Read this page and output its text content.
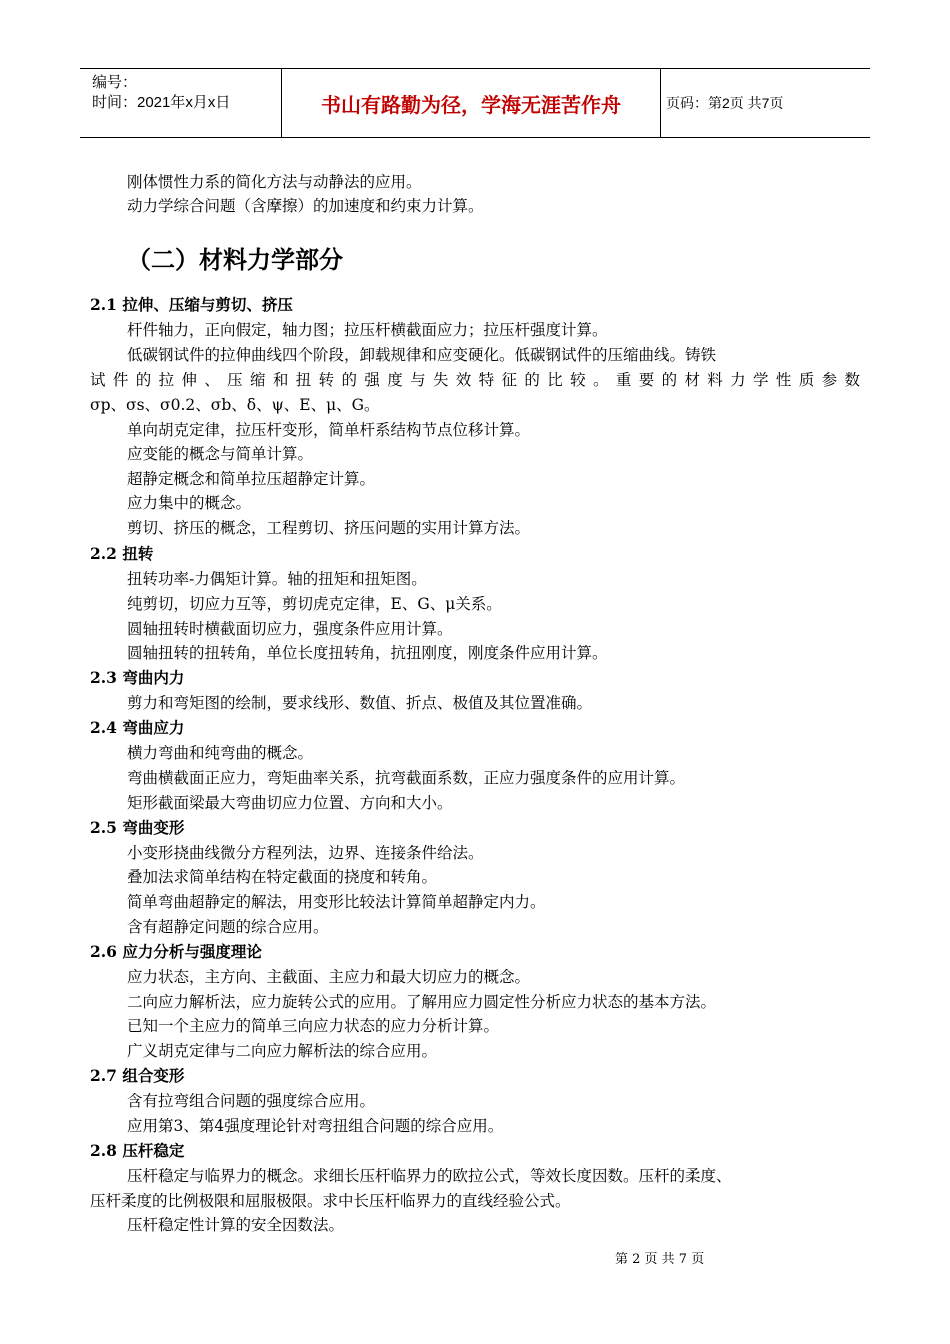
编号：
时间：2021年x月x日	书山有路勤为径，学海无涯苦作舟	页码：第2页 共7页
刚体惯性力系的简化方法与动静法的应用。
动力学综合问题（含摩擦）的加速度和约束力计算。
（二）材料力学部分
2.1 拉伸、压缩与剪切、挤压
杆件轴力，正向假定，轴力图；拉压杆横截面应力；拉压杆强度计算。
低碳钢试件的拉伸曲线四个阶段，卸载规律和应变硬化。低碳钢试件的压缩曲线。铸铁
试件的拉伸、压缩和扭转的强度与失效特征的比较。重要的材料力学性质参数
σp、σs、σ0.2、σb、δ、ψ、E、μ、G。
单向胡克定律，拉压杆变形，简单杆系结构节点位移计算。
应变能的概念与简单计算。
超静定概念和简单拉压超静定计算。
应力集中的概念。
剪切、挤压的概念，工程剪切、挤压问题的实用计算方法。
2.2 扭转
扭转功率-力偶矩计算。轴的扭矩和扭矩图。
纯剪切，切应力互等，剪切虎克定律，E、G、μ关系。
圆轴扭转时横截面切应力，强度条件应用计算。
圆轴扭转的扭转角，单位长度扭转角，抗扭刚度，刚度条件应用计算。
2.3 弯曲内力
剪力和弯矩图的绘制，要求线形、数值、折点、极值及其位置准确。
2.4 弯曲应力
横力弯曲和纯弯曲的概念。
弯曲横截面正应力，弯矩曲率关系，抗弯截面系数，正应力强度条件的应用计算。
矩形截面梁最大弯曲切应力位置、方向和大小。
2.5 弯曲变形
小变形挠曲线微分方程列法，边界、连接条件给法。
叠加法求简单结构在特定截面的挠度和转角。
简单弯曲超静定的解法，用变形比较法计算简单超静定内力。
含有超静定问题的综合应用。
2.6 应力分析与强度理论
应力状态，主方向、主截面、主应力和最大切应力的概念。
二向应力解析法，应力旋转公式的应用。了解用应力圆定性分析应力状态的基本方法。
已知一个主应力的简单三向应力状态的应力分析计算。
广义胡克定律与二向应力解析法的综合应用。
2.7 组合变形
含有拉弯组合问题的强度综合应用。
应用第3、第4强度理论针对弯扭组合问题的综合应用。
2.8 压杆稳定
压杆稳定与临界力的概念。求细长压杆临界力的欧拉公式，等效长度因数。压杆的柔度、
压杆柔度的比例极限和屈服极限。求中长压杆临界力的直线经验公式。
压杆稳定性计算的安全因数法。
第 2 页 共 7 页
